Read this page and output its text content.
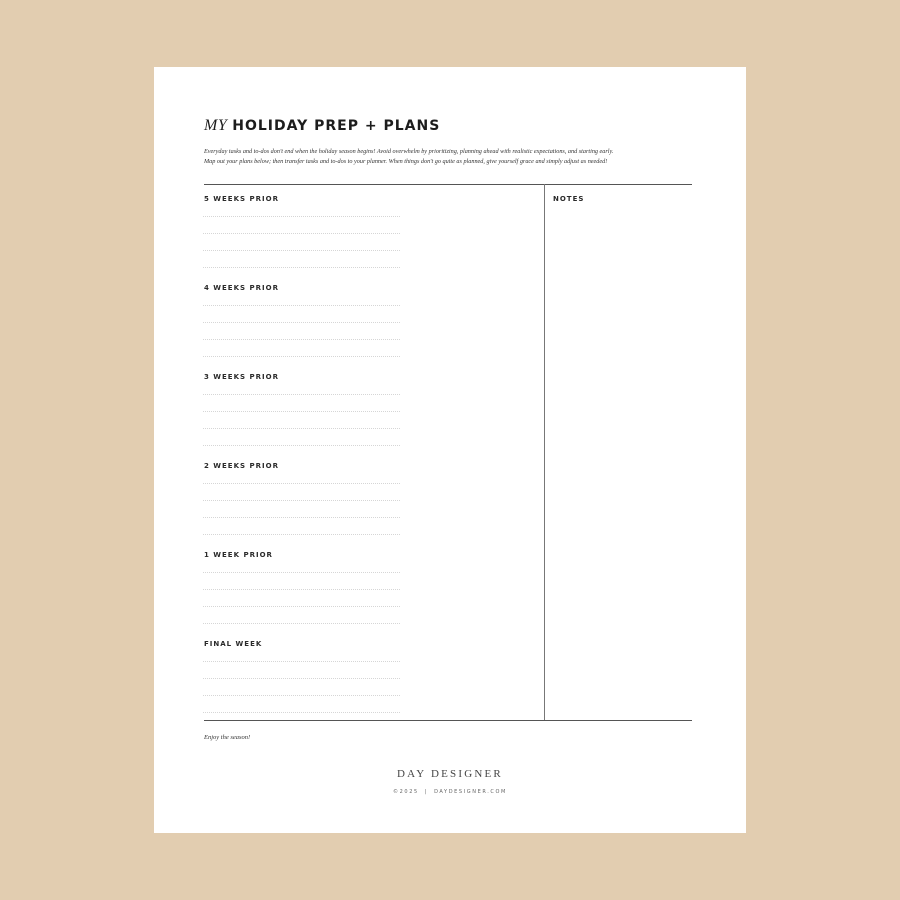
MY HOLIDAY PREP + PLANS
Everyday tasks and to-dos don't end when the holiday season begins! Avoid overwhelm by prioritizing, planning ahead with realistic expectations, and starting early.
Map out your plans below; then transfer tasks and to-dos to your planner. When things don't go quite as planned, give yourself grace and simply adjust as needed!
5 WEEKS PRIOR
4 WEEKS PRIOR
3 WEEKS PRIOR
2 WEEKS PRIOR
1 WEEK PRIOR
FINAL WEEK
NOTES
Enjoy the season!
DAY DESIGNER
©2025 | DAYDESIGNER.COM
